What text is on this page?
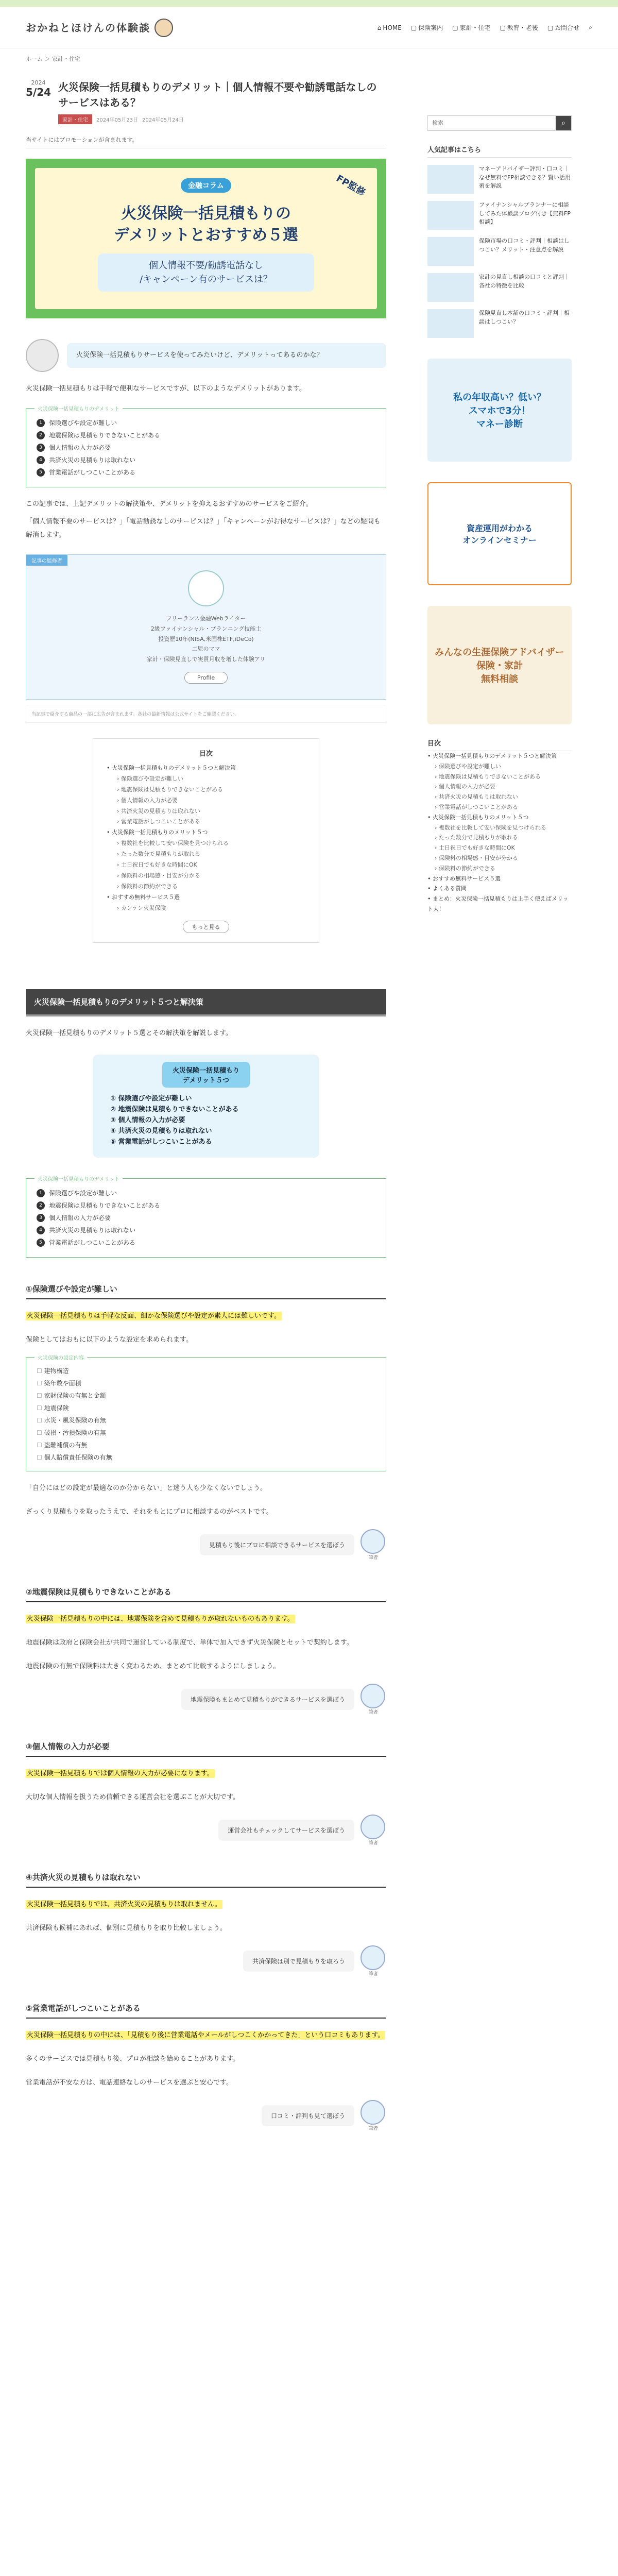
おかねとほけんの体験談	⌂ HOME ▢ 保険案内 ▢ 家計・住宅 ▢ 教育・老後 ▢ お問合せ ⌕
ホーム ＞ 家計・住宅
2024
5/24 火災保険一括見積もりのデメリット｜個人情報不要や勧誘電話なしのサービスはある？
家計・住宅	2024年05月23日 2024年05月24日
当サイトにはプロモーションが含まれます。
FP監修
金融コラム
火災保険一括見積もりの
デメリットとおすすめ５選
個人情報不要/勧誘電話なし
/キャンペーン有のサービスは？
火災保険一括見積もりサービスを使ってみたいけど、デメリットってあるのかな？

火災保険一括見積もりは手軽で便利なサービスですが、以下のようなデメリットがあります。

火災保険一括見積もりのデメリット
1	保険選びや設定が難しい
2	地震保険は見積もりできないことがある
3	個人情報の入力が必要
4	共済火災の見積もりは取れない
5	営業電話がしつこいことがある

この記事では、上記デメリットの解決策や、デメリットを抑えるおすすめのサービスをご紹介。

「個人情報不要のサービスは？」「電話勧誘なしのサービスは？」「キャンペーンがお得なサービスは？」などの疑問も解消します。

記事の監修者
フリーランス金融Webライター
2級ファイナンシャル・プランニング技能士
投資歴10年(NISA,米国株ETF,iDeCo)
二児のママ
家計・保険見直しで実質月収を増した体験アリ
Profile
当記事で紹介する商品の一部に広告が含まれます。各社の最新情報は公式サイトをご確認ください。
目次
• 火災保険一括見積もりのデメリット５つと解決策
› 保険選びや設定が難しい
› 地震保険は見積もりできないことがある
› 個人情報の入力が必要
› 共済火災の見積もりは取れない
› 営業電話がしつこいことがある
• 火災保険一括見積もりのメリット５つ
› 複数社を比較して安い保険を見つけられる
› たった数分で見積もりが取れる
› 土日祝日でも好きな時間にOK
› 保険料の相場感・目安が分かる
› 保険料の節約ができる
• おすすめ無料サービス５選
› カンテン火災保険
もっと見る
火災保険一括見積もりのデメリット５つと解決策

火災保険一括見積もりのデメリット５選とその解決策を解説します。

火災保険一括見積もり
デメリット５つ
① 保険選びや設定が難しい
② 地震保険は見積もりできないことがある
③ 個人情報の入力が必要
④ 共済火災の見積もりは取れない
⑤ 営業電話がしつこいことがある
火災保険一括見積もりのデメリット
1	保険選びや設定が難しい
2	地震保険は見積もりできないことがある
3	個人情報の入力が必要
4	共済火災の見積もりは取れない
5	営業電話がしつこいことがある
①保険選びや設定が難しい

火災保険一括見積もりは手軽な反面、細かな保険選びや設定が素人には難しいです。

保険としてはおもに以下のような設定を求められます。

火災保険の設定内容
☐ 建物構造
☐ 築年数や面積
☐ 家財保険の有無と金額
☐ 地震保険
☐ 水災・風災保険の有無
☐ 破損・汚損保険の有無
☐ 盗難補償の有無
☐ 個人賠償責任保険の有無

「自分にはどの設定が最適なのか分からない」と迷う人も少なくないでしょう。

ざっくり見積もりを取ったうえで、それをもとにプロに相談するのがベストです。

見積もり後にプロに相談できるサービスを選ぼう
筆者
②地震保険は見積もりできないことがある

火災保険一括見積もりの中には、地震保険を含めて見積もりが取れないものもあります。

地震保険は政府と保険会社が共同で運営している制度で、単体で加入できず火災保険とセットで契約します。

地震保険の有無で保険料は大きく変わるため、まとめて比較するようにしましょう。

地震保険もまとめて見積もりができるサービスを選ぼう
筆者
③個人情報の入力が必要

火災保険一括見積もりでは個人情報の入力が必要になります。

大切な個人情報を扱うため信頼できる運営会社を選ぶことが大切です。

運営会社もチェックしてサービスを選ぼう
筆者
④共済火災の見積もりは取れない

火災保険一括見積もりでは、共済火災の見積もりは取れません。

共済保険も候補にあれば、個別に見積もりを取り比較しましょう。

共済保険は別で見積もりを取ろう
筆者
⑤営業電話がしつこいことがある

火災保険一括見積もりの中には、「見積もり後に営業電話やメールがしつこくかかってきた」という口コミもあります。

多くのサービスでは見積もり後、プロが相談を始めることがあります。

営業電話が不安な方は、電話連絡なしのサービスを選ぶと安心です。

口コミ・評判も見て選ぼう
筆者
検索
⌕
人気記事はこちら
マネーアドバイザー評判・口コミ｜なぜ無料でFP相談できる？賢い活用術を解説
ファイナンシャルプランナーに相談してみた体験談ブログ付き【無料FP相談】
保険市場の口コミ・評判｜相談はしつこい？メリット・注意点を解説
家計の見直し相談の口コミと評判｜各社の特徴を比較
保険見直し本舗の口コミ・評判｜相談はしつこい？
私の年収高い？低い？
スマホで3分！
マネー診断
資産運用がわかる
オンラインセミナー
みんなの生涯保険アドバイザー
保険・家計
無料相談
目次
• 火災保険一括見積もりのデメリット５つと解決策
› 保険選びや設定が難しい
› 地震保険は見積もりできないことがある
› 個人情報の入力が必要
› 共済火災の見積もりは取れない
› 営業電話がしつこいことがある
• 火災保険一括見積もりのメリット５つ
› 複数社を比較して安い保険を見つけられる
› たった数分で見積もりが取れる
› 土日祝日でも好きな時間にOK
› 保険料の相場感・目安が分かる
› 保険料の節約ができる
• おすすめ無料サービス５選
• よくある質問
• まとめ：火災保険一括見積もりは上手く使えばメリット大！
